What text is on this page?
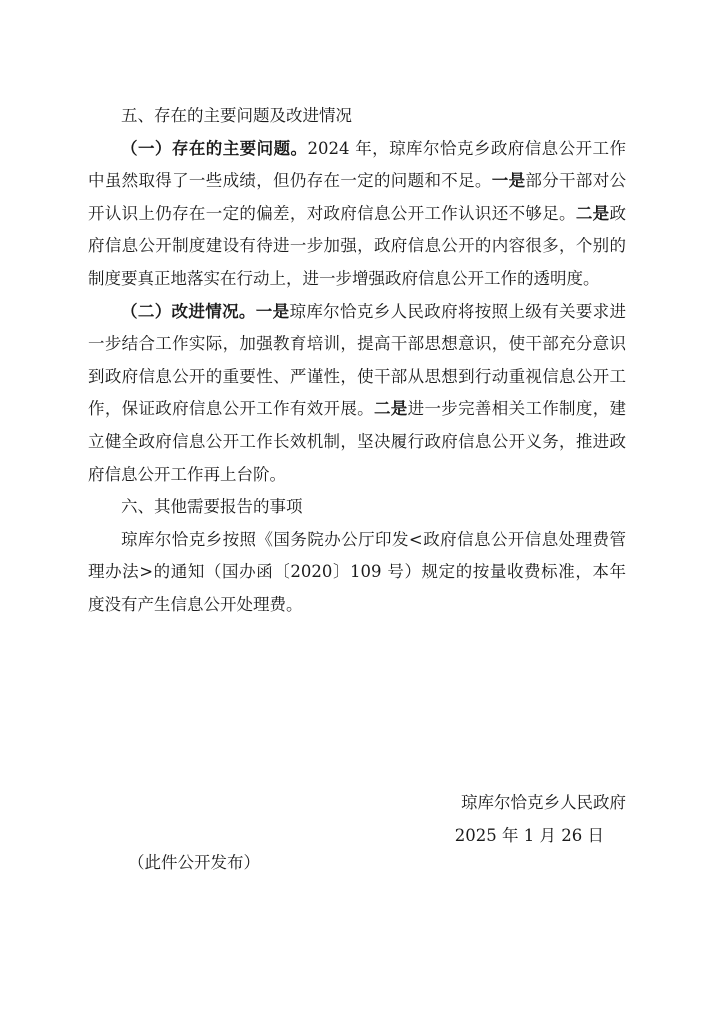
五、存在的主要问题及改进情况

（一）存在的主要问题。2024 年，琼库尔恰克乡政府信息公开工作中虽然取得了一些成绩，但仍存在一定的问题和不足。一是部分干部对公开认识上仍存在一定的偏差，对政府信息公开工作认识还不够足。二是政府信息公开制度建设有待进一步加强，政府信息公开的内容很多，个别的制度要真正地落实在行动上，进一步增强政府信息公开工作的透明度。

（二）改进情况。一是琼库尔恰克乡人民政府将按照上级有关要求进一步结合工作实际，加强教育培训，提高干部思想意识，使干部充分意识到政府信息公开的重要性、严谨性，使干部从思想到行动重视信息公开工作，保证政府信息公开工作有效开展。二是进一步完善相关工作制度，建立健全政府信息公开工作长效机制，坚决履行政府信息公开义务，推进政府信息公开工作再上台阶。

六、其他需要报告的事项

琼库尔恰克乡按照《国务院办公厅印发<政府信息公开信息处理费管理办法>的通知（国办函〔2020〕109 号）规定的按量收费标准，本年度没有产生信息公开处理费。

琼库尔恰克乡人民政府
2025 年 1 月 26 日
（此件公开发布）
